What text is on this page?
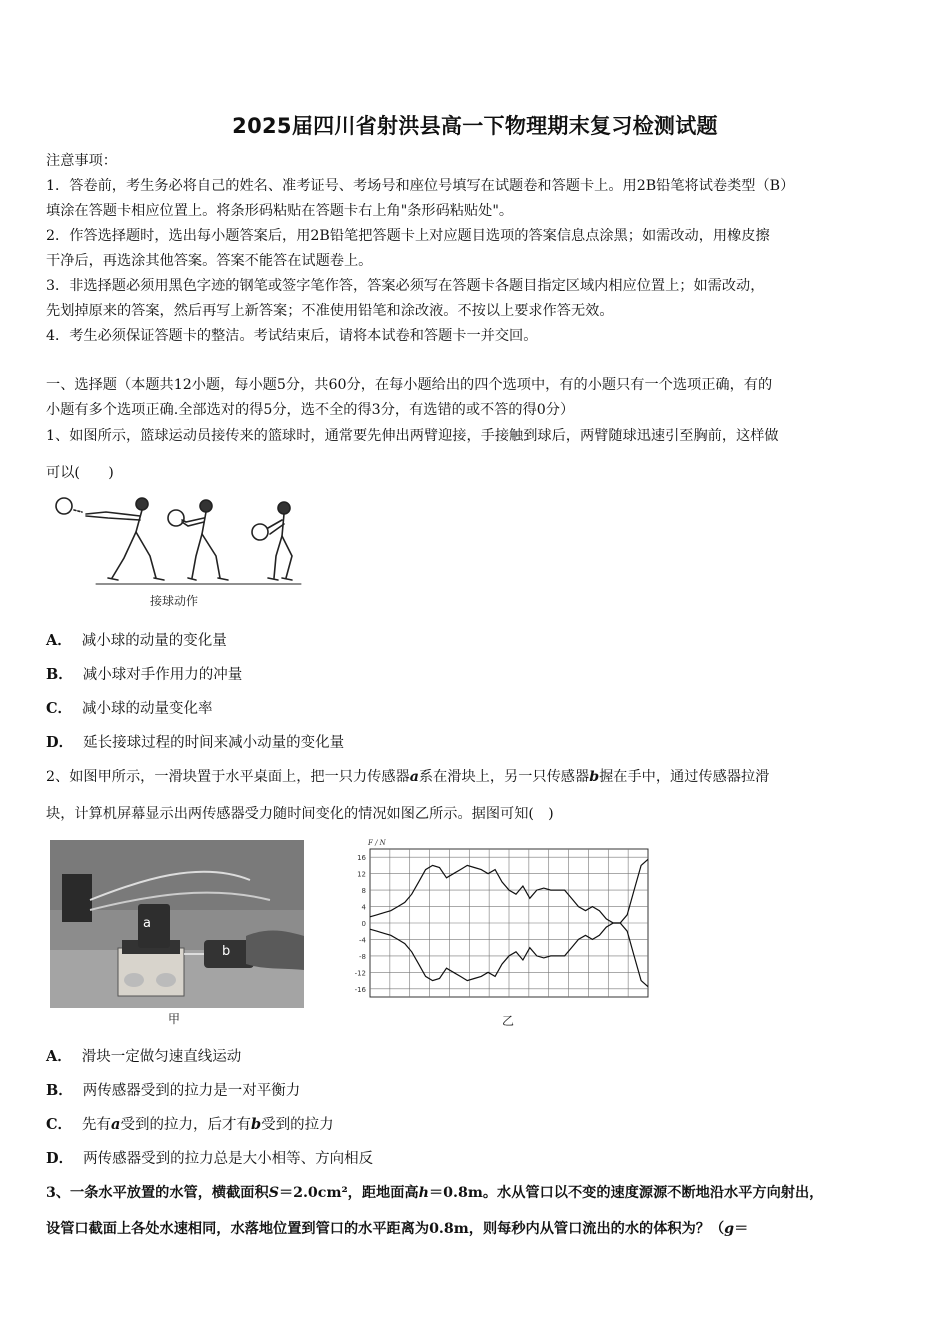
2025届四川省射洪县高一下物理期末复习检测试题
注意事项：
1．答卷前，考生务必将自己的姓名、准考证号、考场号和座位号填写在试题卷和答题卡上。用2B铅笔将试卷类型（B）
填涂在答题卡相应位置上。将条形码粘贴在答题卡右上角"条形码粘贴处"。
2．作答选择题时，选出每小题答案后，用2B铅笔把答题卡上对应题目选项的答案信息点涂黑；如需改动，用橡皮擦
干净后，再选涂其他答案。答案不能答在试题卷上。
3．非选择题必须用黑色字迹的钢笔或签字笔作答，答案必须写在答题卡各题目指定区域内相应位置上；如需改动，
先划掉原来的答案，然后再写上新答案；不准使用铅笔和涂改液。不按以上要求作答无效。
4．考生必须保证答题卡的整洁。考试结束后，请将本试卷和答题卡一并交回。
一、选择题（本题共12小题，每小题5分，共60分，在每小题给出的四个选项中，有的小题只有一个选项正确，有的
小题有多个选项正确.全部选对的得5分，选不全的得3分，有选错的或不答的得0分）
1、如图所示，篮球运动员接传来的篮球时，通常要先伸出两臂迎接，手接触到球后，两臂随球迅速引至胸前，这样做
可以(　　)
接球动作
A． 减小球的动量的变化量
B． 减小球对手作用力的冲量
C． 减小球的动量变化率
D． 延长接球过程的时间来减小动量的变化量
2、如图甲所示，一滑块置于水平桌面上，把一只力传感器a系在滑块上，另一只传感器b握在手中，通过传感器拉滑
块，计算机屏幕显示出两传感器受力随时间变化的情况如图乙所示。据图可知(　)
a
b
甲
16
12
8
4
0
-4
-8
-12
-16
F / N
乙
A． 滑块一定做匀速直线运动
B． 两传感器受到的拉力是一对平衡力
C． 先有a受到的拉力，后才有b受到的拉力
D． 两传感器受到的拉力总是大小相等、方向相反
3、一条水平放置的水管，横截面积S＝2.0cm²，距地面高h＝0.8m。水从管口以不变的速度源源不断地沿水平方向射出，
设管口截面上各处水速相同，水落地位置到管口的水平距离为0.8m，则每秒内从管口流出的水的体积为？（g＝
